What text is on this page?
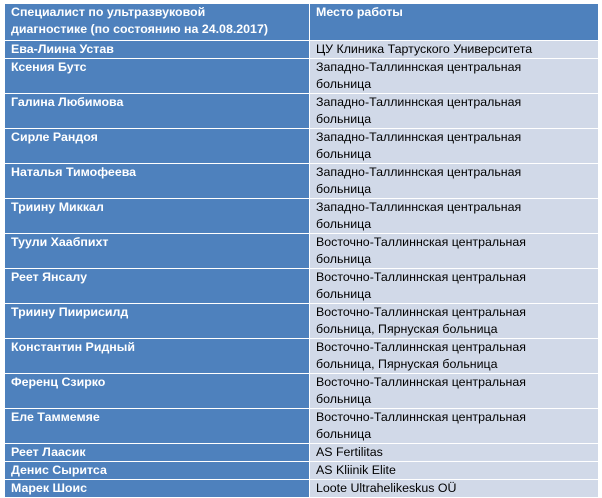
Специалист по ультразвуковой
диагностике (по состоянию на 24.08.2017)	Место работы

Ева-Лиина Устав	ЦУ Клиника Тартуского Университета

Ксения Бутс	Западно-Таллиннская центральная
больница

Галина Любимова	Западно-Таллиннская центральная
больница

Сирле Рандоя	Западно-Таллиннская центральная
больница

Наталья Тимофеева	Западно-Таллиннская центральная
больница

Триину Миккал	Западно-Таллиннская центральная
больница

Туули Хаабпихт	Восточно-Таллиннская центральная
больница

Реет Янсалу	Восточно-Таллиннская центральная
больница

Триину Пиирисилд	Восточно-Таллиннская центральная
больница, Пярнуская больница

Константин Ридный	Восточно-Таллиннская центральная
больница, Пярнуская больница

Ференц Сзирко	Восточно-Таллиннская центральная
больница

Еле Таммемяе	Восточно-Таллиннская центральная
больница

Реет Лаасик	AS Fertilitas

Денис Сыритса	AS Kliinik Elite

Марек Шоис	Loote Ultrahelikeskus OÜ
